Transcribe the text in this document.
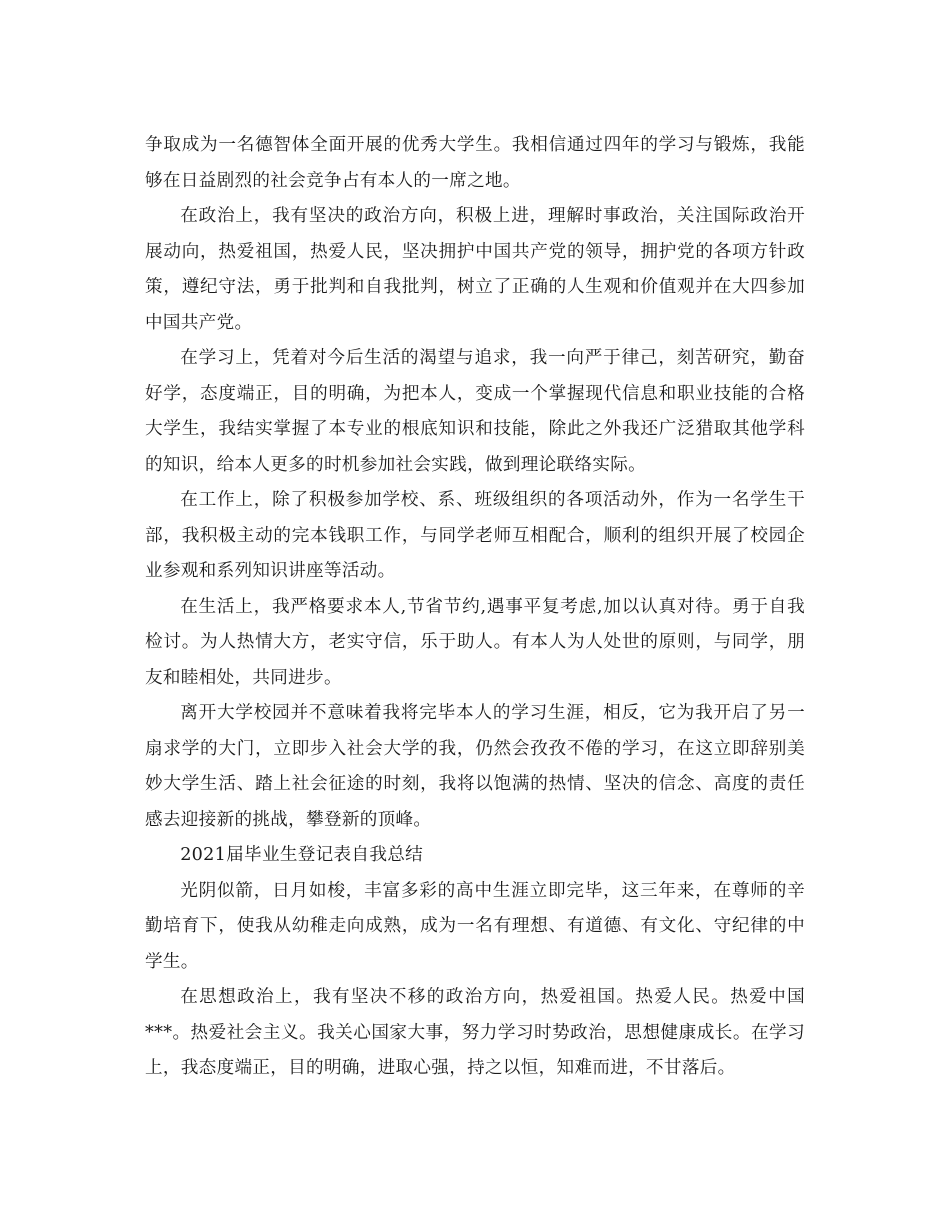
争取成为一名德智体全面开展的优秀大学生。我相信通过四年的学习与锻炼，我能够在日益剧烈的社会竞争占有本人的一席之地。

在政治上，我有坚决的政治方向，积极上进，理解时事政治，关注国际政治开展动向，热爱祖国，热爱人民，坚决拥护中国共产党的领导，拥护党的各项方针政策，遵纪守法，勇于批判和自我批判，树立了正确的人生观和价值观并在大四参加中国共产党。

在学习上，凭着对今后生活的渴望与追求，我一向严于律己，刻苦研究，勤奋好学，态度端正，目的明确，为把本人，变成一个掌握现代信息和职业技能的合格大学生，我结实掌握了本专业的根底知识和技能，除此之外我还广泛猎取其他学科的知识，给本人更多的时机参加社会实践，做到理论联络实际。

在工作上，除了积极参加学校、系、班级组织的各项活动外，作为一名学生干部，我积极主动的完本钱职工作，与同学老师互相配合，顺利的组织开展了校园企业参观和系列知识讲座等活动。

在生活上，我严格要求本人,节省节约,遇事平复考虑,加以认真对待。勇于自我检讨。为人热情大方，老实守信，乐于助人。有本人为人处世的原则，与同学，朋友和睦相处，共同进步。

离开大学校园并不意味着我将完毕本人的学习生涯，相反，它为我开启了另一扇求学的大门，立即步入社会大学的我，仍然会孜孜不倦的学习，在这立即辞别美妙大学生活、踏上社会征途的时刻，我将以饱满的热情、坚决的信念、高度的责任感去迎接新的挑战，攀登新的顶峰。

2021届毕业生登记表自我总结

光阴似箭，日月如梭，丰富多彩的高中生涯立即完毕，这三年来，在尊师的辛勤培育下，使我从幼稚走向成熟，成为一名有理想、有道德、有文化、守纪律的中学生。

在思想政治上，我有坚决不移的政治方向，热爱祖国。热爱人民。热爱中国***。热爱社会主义。我关心国家大事，努力学习时势政治，思想健康成长。在学习上，我态度端正，目的明确，进取心强，持之以恒，知难而进，不甘落后。
